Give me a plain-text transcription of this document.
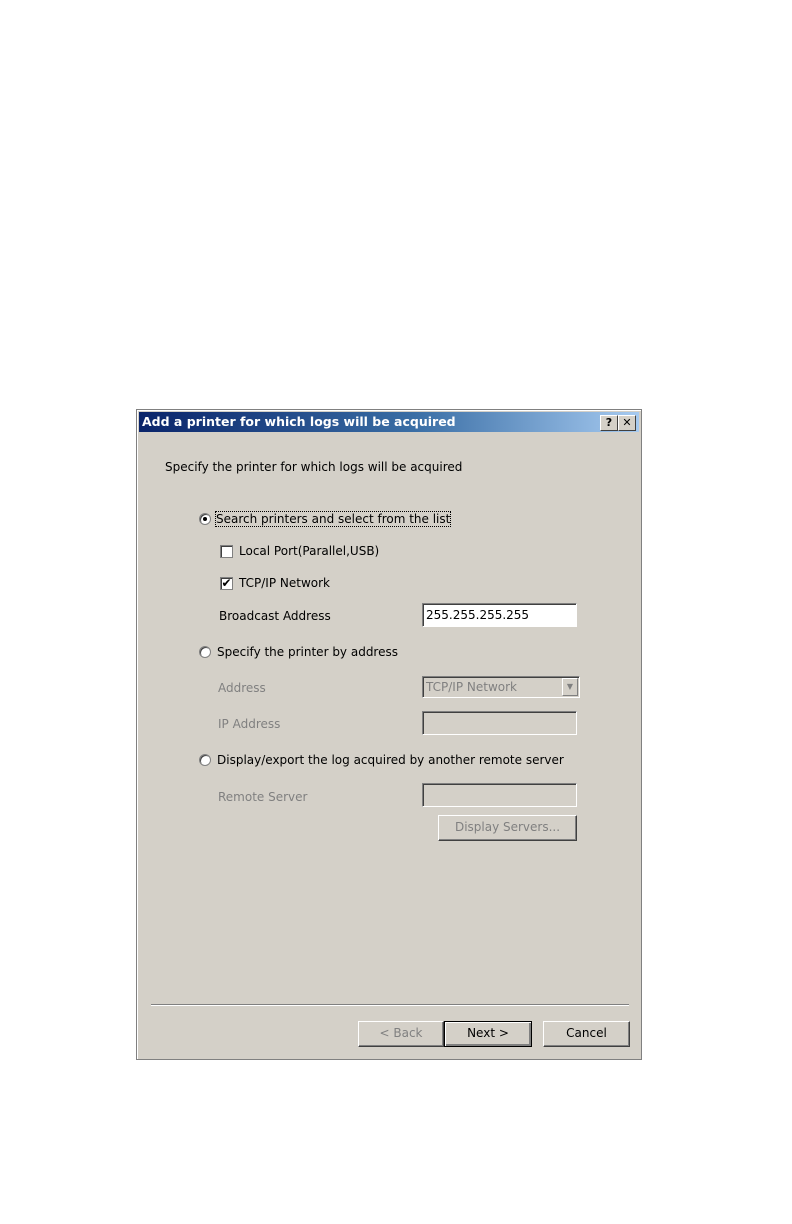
Add a printer for which logs will be acquired	? ✕
Specify the printer for which logs will be acquired
Search printers and select from the list
Local Port(Parallel,USB)
✔ TCP/IP Network
Broadcast Address	255.255.255.255
Specify the printer by address
Address	TCP/IP Network	▼
IP Address
Display/export the log acquired by another remote server
Remote Server
Display Servers...
< Back	Next >	Cancel
